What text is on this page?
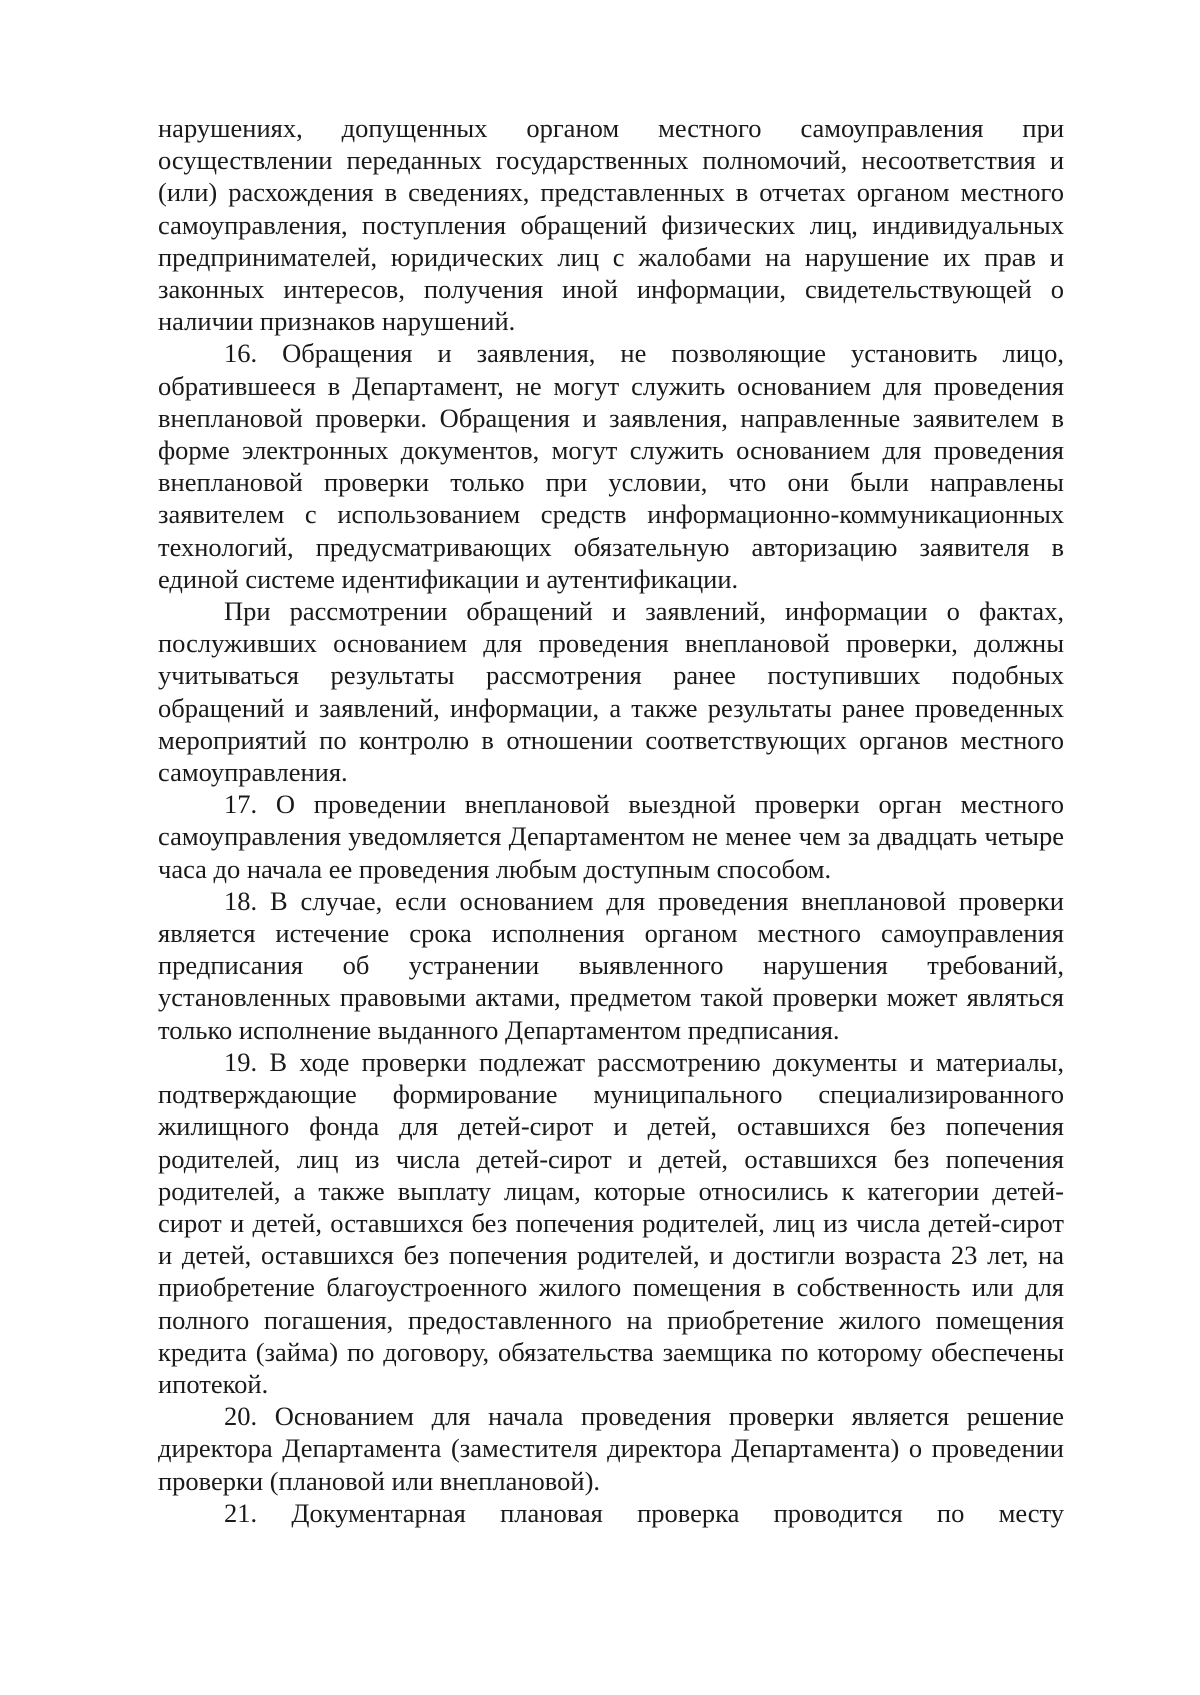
нарушениях, допущенных органом местного самоуправления при осуществлении переданных государственных полномочий, несоответствия и (или) расхождения в сведениях, представленных в отчетах органом местного самоуправления, поступления обращений физических лиц, индивидуальных предпринимателей, юридических лиц с жалобами на нарушение их прав и законных интересов, получения иной информации, свидетельствующей о наличии признаков нарушений.

16. Обращения и заявления, не позволяющие установить лицо, обратившееся в Департамент, не могут служить основанием для проведения внеплановой проверки. Обращения и заявления, направленные заявителем в форме электронных документов, могут служить основанием для проведения внеплановой проверки только при условии, что они были направлены заявителем с использованием средств информационно-коммуникационных технологий, предусматривающих обязательную авторизацию заявителя в единой системе идентификации и аутентификации.

При рассмотрении обращений и заявлений, информации о фактах, послуживших основанием для проведения внеплановой проверки, должны учитываться результаты рассмотрения ранее поступивших подобных обращений и заявлений, информации, а также результаты ранее проведенных мероприятий по контролю в отношении соответствующих органов местного самоуправления.

17. О проведении внеплановой выездной проверки орган местного самоуправления уведомляется Департаментом не менее чем за двадцать четыре часа до начала ее проведения любым доступным способом.

18. В случае, если основанием для проведения внеплановой проверки является истечение срока исполнения органом местного самоуправления предписания об устранении выявленного нарушения требований, установленных правовыми актами, предметом такой проверки может являться только исполнение выданного Департаментом предписания.

19. В ходе проверки подлежат рассмотрению документы и материалы, подтверждающие формирование муниципального специализированного жилищного фонда для детей-сирот и детей, оставшихся без попечения родителей, лиц из числа детей-сирот и детей, оставшихся без попечения родителей, а также выплату лицам, которые относились к категории детей-сирот и детей, оставшихся без попечения родителей, лиц из числа детей-сирот и детей, оставшихся без попечения родителей, и достигли возраста 23 лет, на приобретение благоустроенного жилого помещения в собственность или для полного погашения, предоставленного на приобретение жилого помещения кредита (займа) по договору, обязательства заемщика по которому обеспечены ипотекой.

20. Основанием для начала проведения проверки является решение директора Департамента (заместителя директора Департамента) о проведении проверки (плановой или внеплановой).

21. Документарная плановая проверка проводится по месту
